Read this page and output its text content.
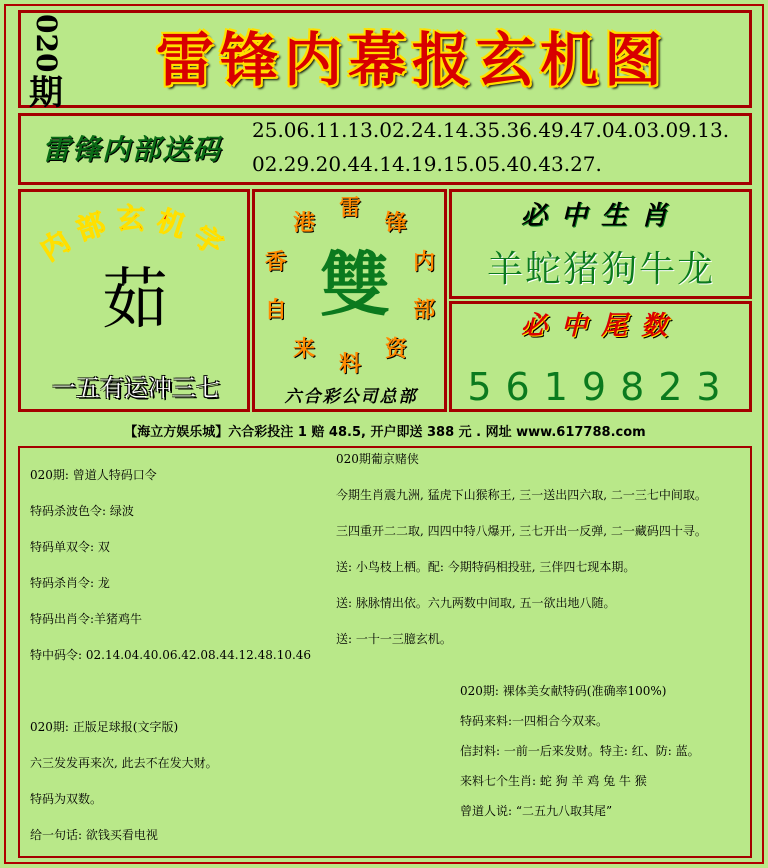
020
期	雷锋内幕报玄机图
雷锋内部送码
25.06.11.13.02.24.14.35.36.49.47.04.03.09.13.
02.29.20.44.14.19.15.05.40.43.27.
内部玄机字
茹
一五有运冲三七
雷
锋
内
部
资
料
来
自
香
港
雙
六合彩公司总部
必中生肖
羊蛇猪狗牛龙
必中尾数
5619823
【海立方娱乐城】六合彩投注 1 赔 48.5, 开户即送 388 元 . 网址 www.617788.com
020期: 曾道人特码口令
特码杀波色令: 绿波
特码单双令: 双
特码杀肖令: 龙
特码出肖令:羊猪鸡牛
特中码令: 02.14.04.40.06.42.08.44.12.48.10.46
020期: 正版足球报(文字版)
六三发发再来次, 此去不在发大财。
特码为双数。
给一句话: 欲钱买看电视
020期葡京赌侠
今期生肖震九洲, 猛虎下山猴称王, 三一送出四六取, 二一三七中间取。
三四重开二二取, 四四中特八爆开, 三七开出一反弹, 二一藏码四十寻。
送: 小鸟枝上栖。配: 今期特码相投驻, 三伴四七现本期。
送: 脉脉情出依。六九两数中间取, 五一欲出地八随。
送: 一十一三臆玄机。
020期: 裸体美女献特码(准确率100%)
特码来料:一四相合今双来。
信封料: 一前一后来发财。特主: 红、防: 蓝。
来料七个生肖: 蛇 狗 羊 鸡 兔 牛 猴
曾道人说: “二五九八取其尾”
